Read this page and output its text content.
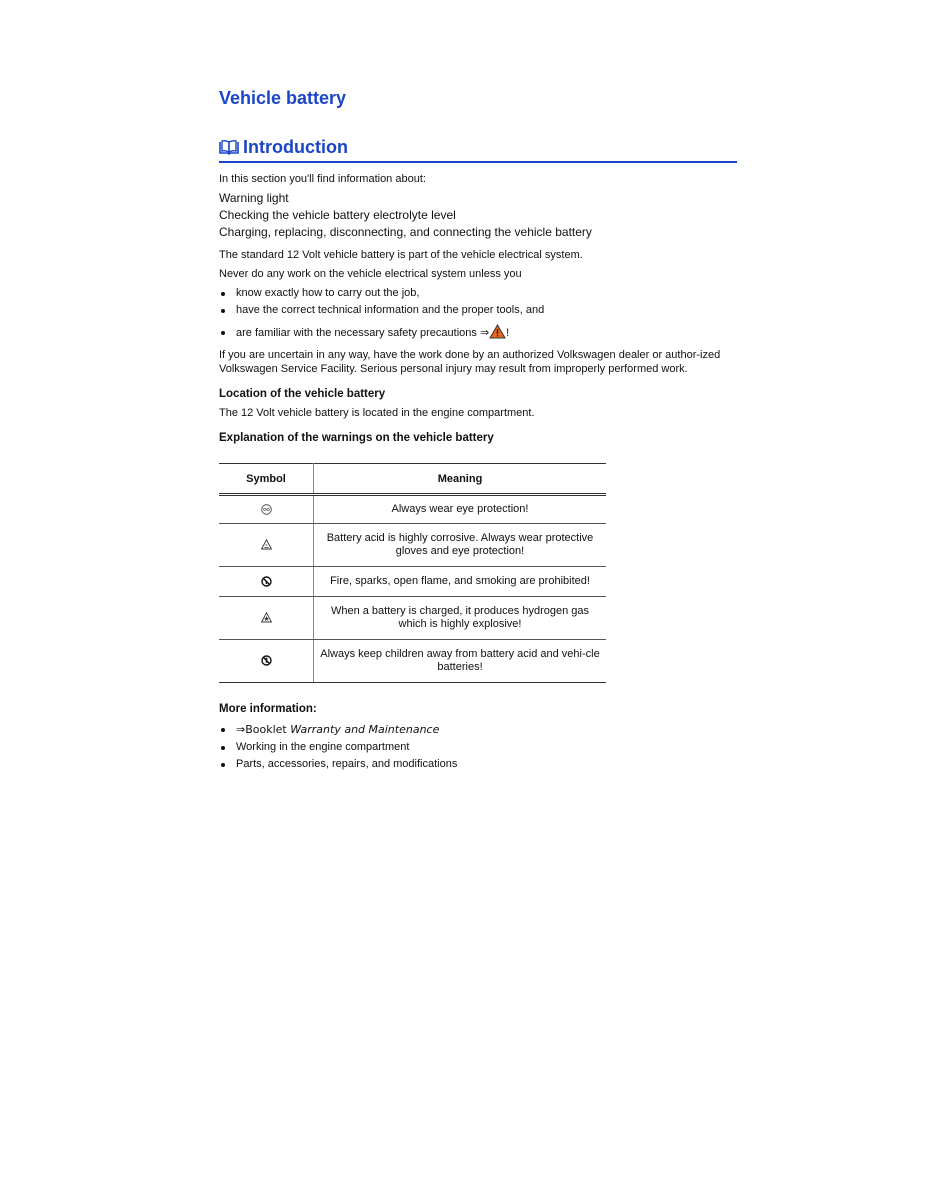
Vehicle battery
Introduction

In this section you'll find information about:

Warning light

Checking the vehicle battery electrolyte level

Charging, replacing, disconnecting, and connecting the vehicle battery

The standard 12 Volt vehicle battery is part of the vehicle electrical system.

Never do any work on the vehicle electrical system unless you

know exactly how to carry out the job,
have the correct technical information and the proper tools, and
are familiar with the necessary safety precautions ⇒ !

If you are uncertain in any way, have the work done by an authorized Volkswagen dealer or author-ized Volkswagen Service Facility. Serious personal injury may result from improperly performed work.

Location of the vehicle battery

The 12 Volt vehicle battery is located in the engine compartment.

Explanation of the warnings on the vehicle battery

Symbol	Meaning
	Always wear eye protection!
	Battery acid is highly corrosive. Always wear protective gloves and eye protection!
	Fire, sparks, open flame, and smoking are prohibited!
	When a battery is charged, it produces hydrogen gas which is highly explosive!
	Always keep children away from battery acid and vehi-cle batteries!

More information:

⇒Booklet Warranty and Maintenance
Working in the engine compartment
Parts, accessories, repairs, and modifications
